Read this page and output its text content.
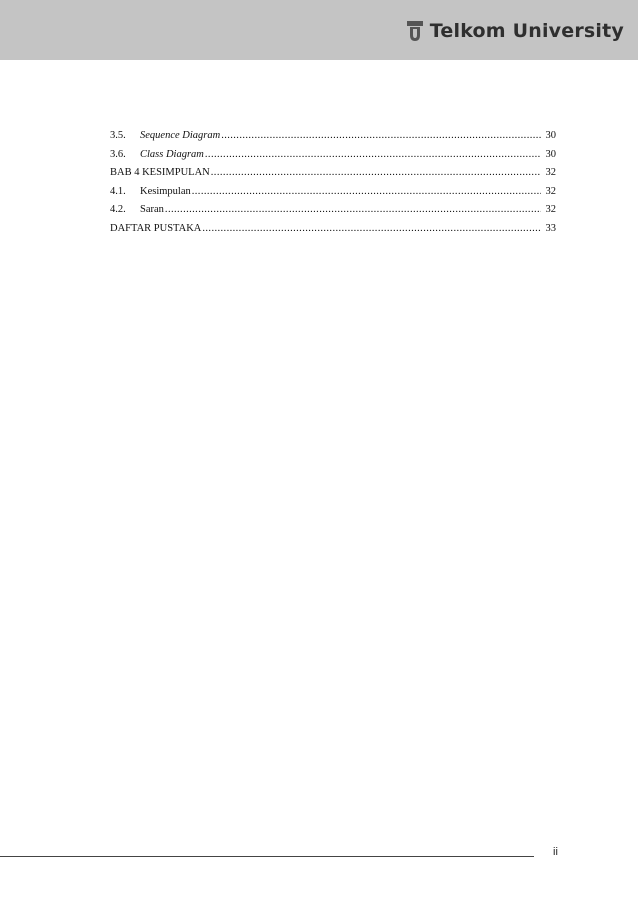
Telkom University
3.5.	Sequence Diagram .....	30
3.6.	Class Diagram .....	30
BAB 4 KESIMPULAN .....	32
4.1.	Kesimpulan .....	32
4.2.	Saran .....	32
DAFTAR PUSTAKA .....	33
ii
